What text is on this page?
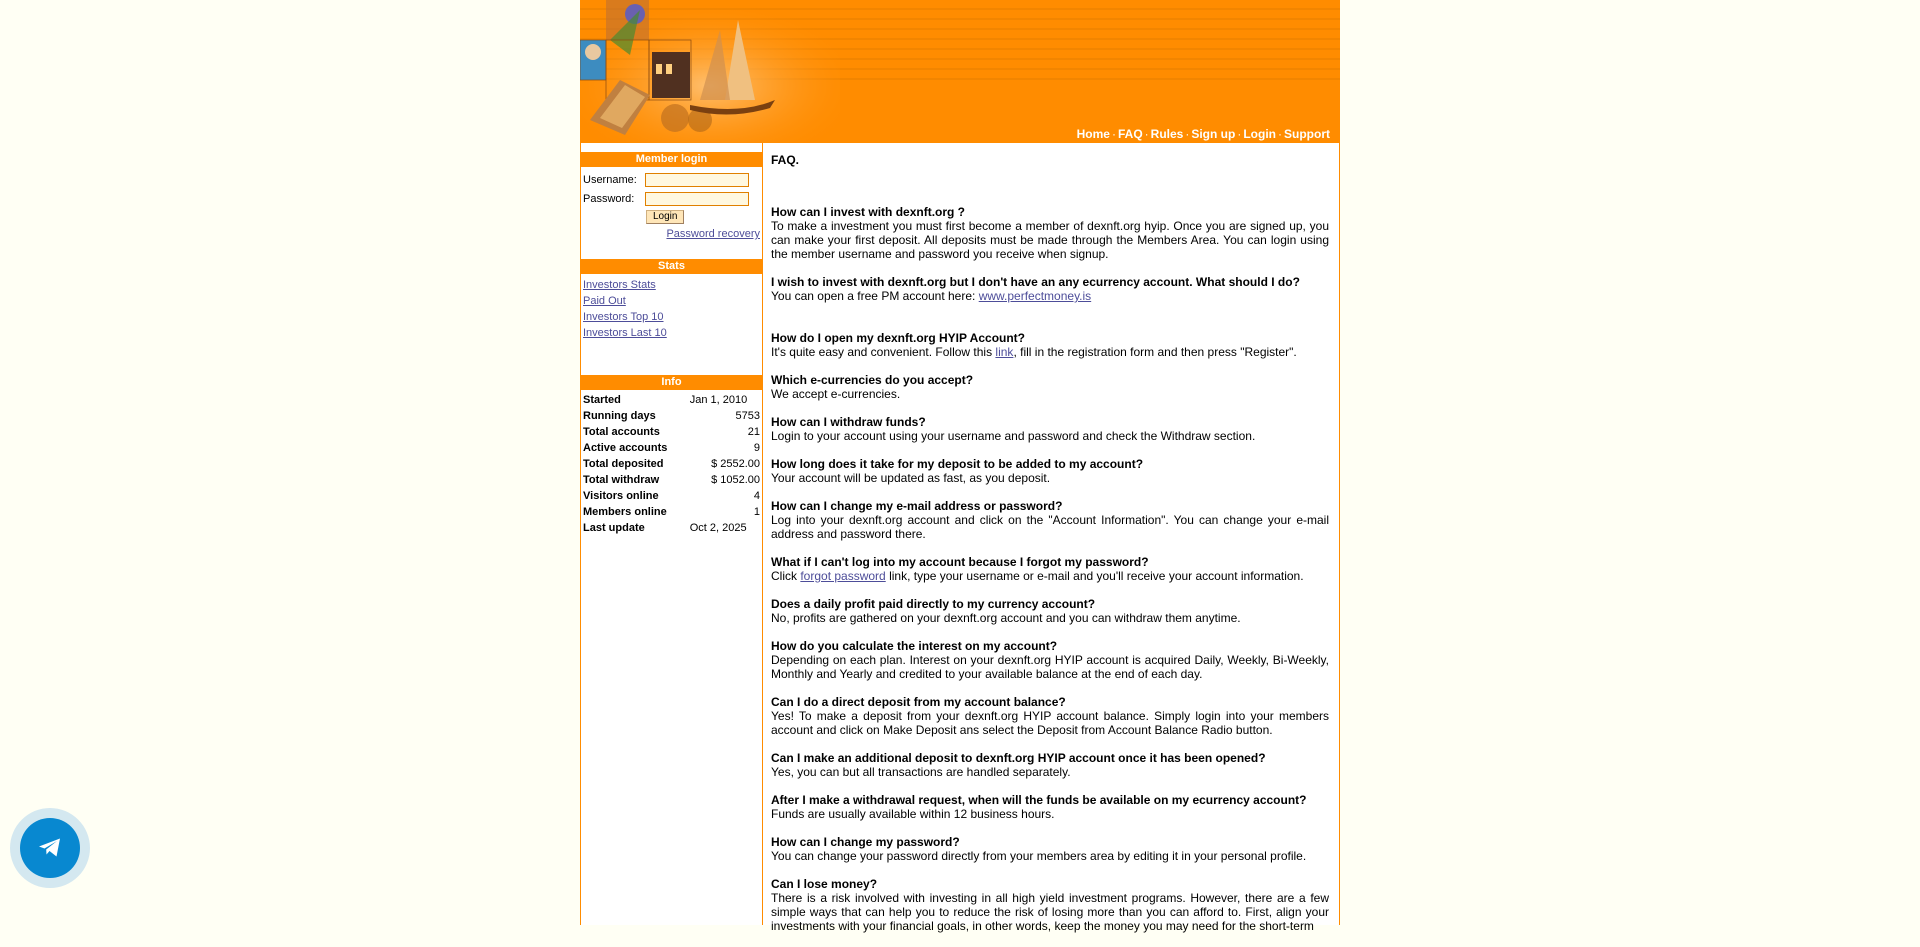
Home · FAQ · Rules · Sign up · Login · Support
Member login
Username:
Password:
Login
Password recovery
Stats
Investors Stats
Paid Out
Investors Top 10
Investors Last 10
Info
Started	Jan 1, 2010
Running days	5753
Total accounts	21
Active accounts	9
Total deposited	$ 2552.00
Total withdraw	$ 1052.00
Visitors online	4
Members online	1
Last update	Oct 2, 2025
FAQ.
How can I invest with dexnft.org ?
To make a investment you must first become a member of dexnft.org hyip. Once you are signed up, you can make your first deposit. All deposits must be made through the Members Area. You can login using the member username and password you receive when signup.
I wish to invest with dexnft.org but I don't have an any ecurrency account. What should I do?
You can open a free PM account here: www.perfectmoney.is
How do I open my dexnft.org HYIP Account?
It's quite easy and convenient. Follow this link, fill in the registration form and then press "Register".
Which e-currencies do you accept?
We accept e-currencies.
How can I withdraw funds?
Login to your account using your username and password and check the Withdraw section.
How long does it take for my deposit to be added to my account?
Your account will be updated as fast, as you deposit.
How can I change my e-mail address or password?
Log into your dexnft.org account and click on the "Account Information". You can change your e-mail address and password there.
What if I can't log into my account because I forgot my password?
Click forgot password link, type your username or e-mail and you'll receive your account information.
Does a daily profit paid directly to my currency account?
No, profits are gathered on your dexnft.org account and you can withdraw them anytime.
How do you calculate the interest on my account?
Depending on each plan. Interest on your dexnft.org HYIP account is acquired Daily, Weekly, Bi-Weekly, Monthly and Yearly and credited to your available balance at the end of each day.
Can I do a direct deposit from my account balance?
Yes! To make a deposit from your dexnft.org HYIP account balance. Simply login into your members account and click on Make Deposit ans select the Deposit from Account Balance Radio button.
Can I make an additional deposit to dexnft.org HYIP account once it has been opened?
Yes, you can but all transactions are handled separately.
After I make a withdrawal request, when will the funds be available on my ecurrency account?
Funds are usually available within 12 business hours.
How can I change my password?
You can change your password directly from your members area by editing it in your personal profile.
Can I lose money?
There is a risk involved with investing in all high yield investment programs. However, there are a few simple ways that can help you to reduce the risk of losing more than you can afford to. First, align your investments with your financial goals, in other words, keep the money you may need for the short-term
